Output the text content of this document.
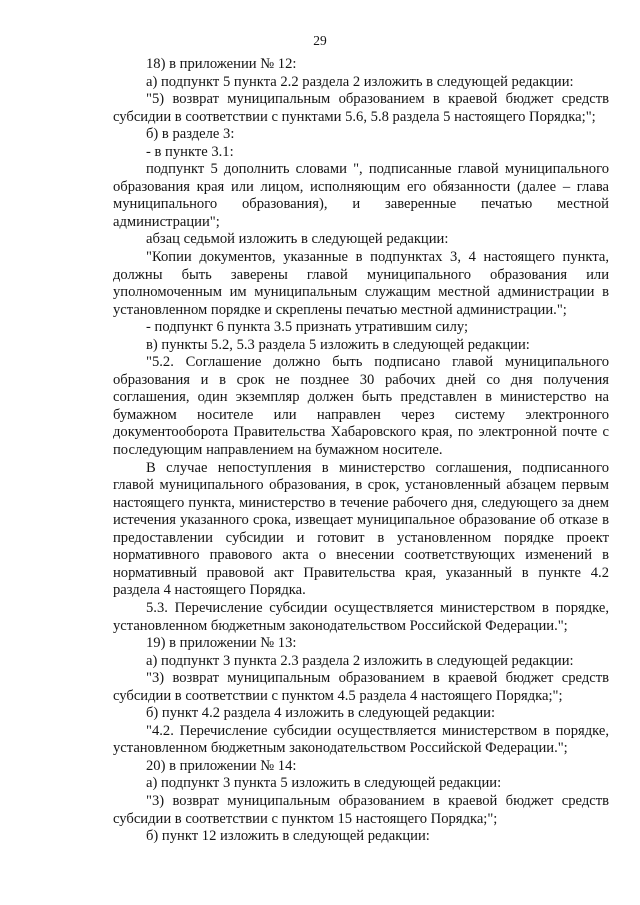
29

18) в приложении № 12:

а) подпункт 5 пункта 2.2 раздела 2 изложить в следующей редакции:

"5) возврат муниципальным образованием в краевой бюджет средств субсидии в соответствии с пунктами 5.6, 5.8 раздела 5 настоящего Порядка;";

б) в разделе 3:

- в пункте 3.1:

подпункт 5 дополнить словами ", подписанные главой муниципального образования края или лицом, исполняющим его обязанности (далее – глава муниципального образования), и заверенные печатью местной администрации";

абзац седьмой изложить в следующей редакции:

"Копии документов, указанные в подпунктах 3, 4 настоящего пункта, должны быть заверены главой муниципального образования или уполномоченным им муниципальным служащим местной администрации в установленном порядке и скреплены печатью местной администрации.";

- подпункт 6 пункта 3.5 признать утратившим силу;

в) пункты 5.2, 5.3 раздела 5 изложить в следующей редакции:

"5.2. Соглашение должно быть подписано главой муниципального образования и в срок не позднее 30 рабочих дней со дня получения соглашения, один экземпляр должен быть представлен в министерство на бумажном носителе или направлен через систему электронного документооборота Правительства Хабаровского края, по электронной почте с последующим направлением на бумажном носителе.

В случае непоступления в министерство соглашения, подписанного главой муниципального образования, в срок, установленный абзацем первым настоящего пункта, министерство в течение рабочего дня, следующего за днем истечения указанного срока, извещает муниципальное образование об отказе в предоставлении субсидии и готовит в установленном порядке проект нормативного правового акта о внесении соответствующих изменений в нормативный правовой акт Правительства края, указанный в пункте 4.2 раздела 4 настоящего Порядка.

5.3. Перечисление субсидии осуществляется министерством в порядке, установленном бюджетным законодательством Российской Федерации.";

19) в приложении № 13:

а) подпункт 3 пункта 2.3 раздела 2 изложить в следующей редакции:

"3) возврат муниципальным образованием в краевой бюджет средств субсидии в соответствии с пунктом 4.5 раздела 4 настоящего Порядка;";

б) пункт 4.2 раздела 4 изложить в следующей редакции:

"4.2. Перечисление субсидии осуществляется министерством в порядке, установленном бюджетным законодательством Российской Федерации.";

20) в приложении № 14:

а) подпункт 3 пункта 5 изложить в следующей редакции:

"3) возврат муниципальным образованием в краевой бюджет средств субсидии в соответствии с пунктом 15 настоящего Порядка;";

б) пункт 12 изложить в следующей редакции:
